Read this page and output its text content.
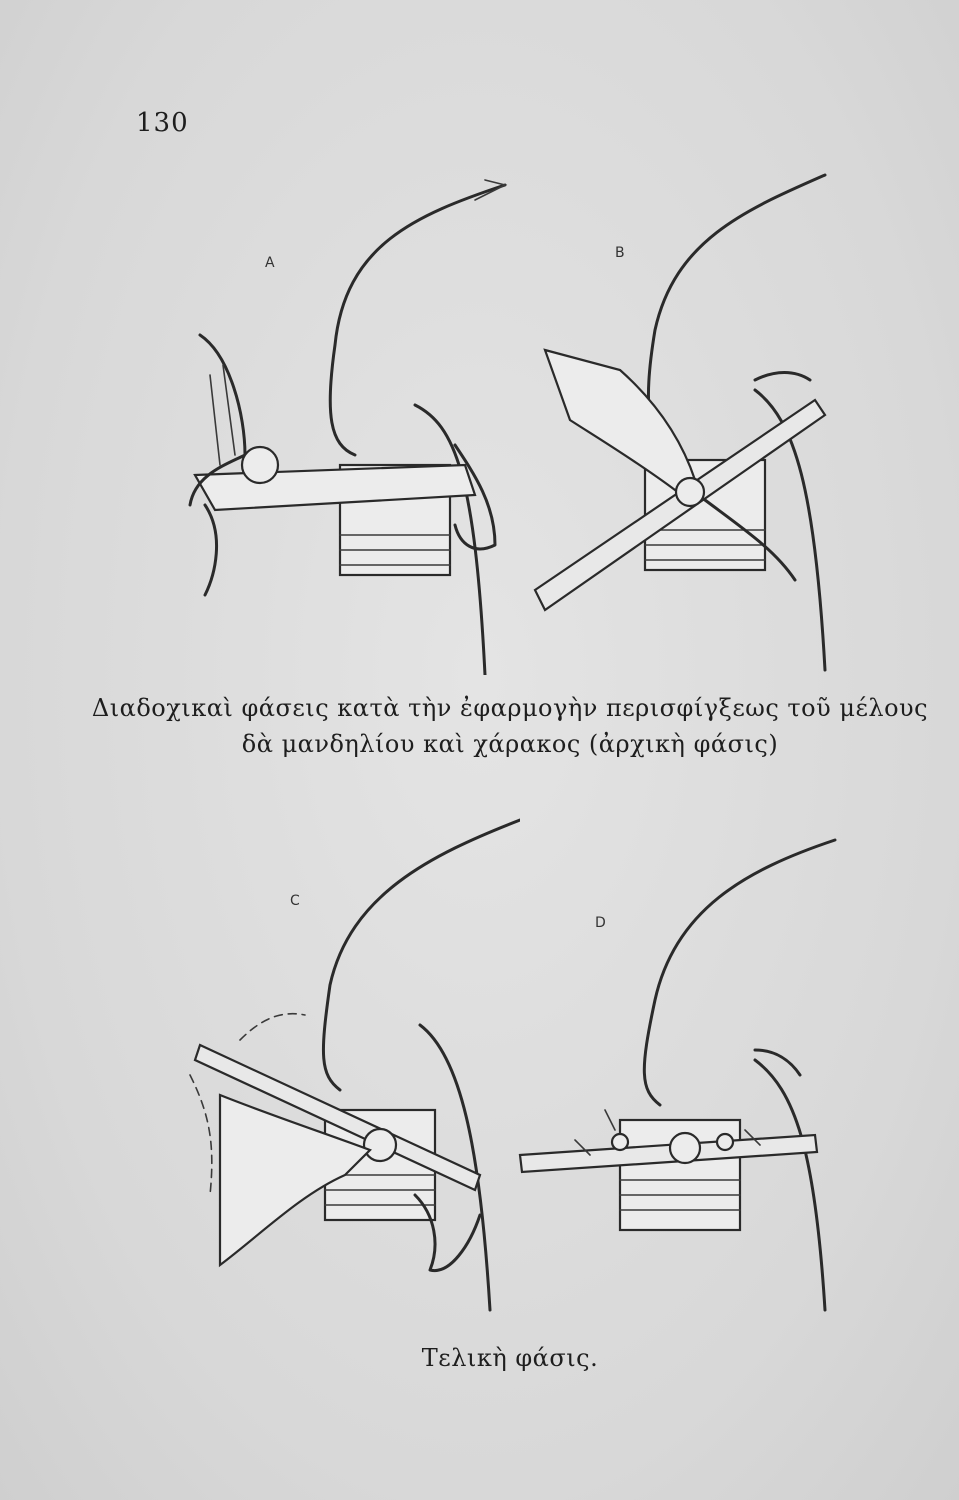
130
A
B
Διαδοχικαὶ φάσεις κατὰ τὴν ἐφαρμογὴν περισφίγξεως τοῦ μέλους
δὰ μανδηλίου καὶ χάρακος (ἀρχικὴ φάσις)
C
D
Τελικὴ φάσις.
